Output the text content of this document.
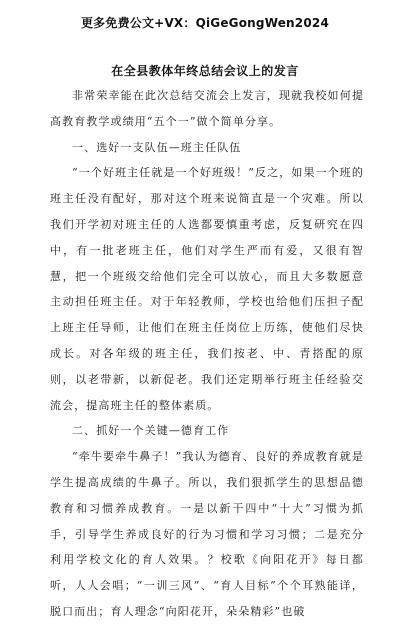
更多免费公文+VX：QiGeGongWen2024
在全县教体年终总结会议上的发言

非常荣幸能在此次总结交流会上发言，现就我校如何提高教育教学或绩用“五个一”做个简单分享。

一、选好一支队伍—班主任队伍

“一个好班主任就是一个好班级！”反之，如果一个班的班主任没有配好，那对这个班来说简直是一个灾难。所以我们开学初对班主任的人选都要慎重考虑，反复研究在四中，有一批老班主任，他们对学生严而有爱，又很有智慧，把一个班级交给他们完全可以放心，而且大多数愿意主动担任班主任。对于年轻教师，学校也给他们压担子配上班主任导师，让他们在班主任岗位上历练，使他们尽快成长。对各年级的班主任，我们按老、中、青搭配的原则，以老带新，以新促老。我们还定期举行班主任经验交流会，提高班主任的整体素质。

二、抓好一个关键—德育工作

“牵牛要牵牛鼻子！”我认为德育、良好的养成教育就是学生提高成绩的牛鼻子。所以，我们狠抓学生的思想品德教育和习惯养成教育。一是以新干四中“十大”习惯为抓手，引导学生养成良好的行为习惯和学习习惯；二是充分利用学校文化的育人效果。？校歌《向阳花开》每日都听，人人会唱；“一训三风”、“育人目标”个个耳熟能详，脱口而出；育人理念“向阳花开，朵朵精彩”也破
